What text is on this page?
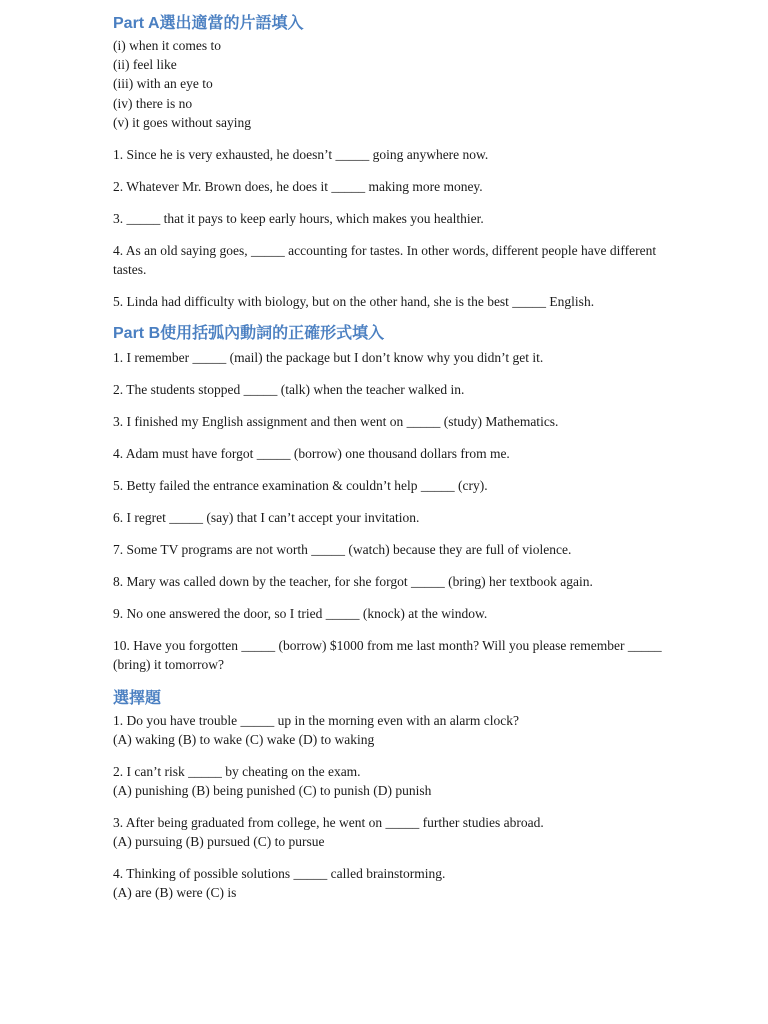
Part A選出適當的片語填入

(i) when it comes to

(ii) feel like

(iii) with an eye to

(iv) there is no

(v) it goes without saying

1. Since he is very exhausted, he doesn’t _____ going anywhere now.

2. Whatever Mr. Brown does, he does it _____ making more money.

3. _____ that it pays to keep early hours, which makes you healthier.

4. As an old saying goes, _____ accounting for tastes. In other words, different people have different tastes.

5. Linda had difficulty with biology, but on the other hand, she is the best _____ English.

Part B使用括弧內動詞的正確形式填入

1. I remember _____ (mail) the package but I don’t know why you didn’t get it.

2. The students stopped _____ (talk) when the teacher walked in.

3. I finished my English assignment and then went on _____ (study) Mathematics.

4. Adam must have forgot _____ (borrow) one thousand dollars from me.

5. Betty failed the entrance examination & couldn’t help _____ (cry).

6. I regret _____ (say) that I can’t accept your invitation.

7. Some TV programs are not worth _____ (watch) because they are full of violence.

8. Mary was called down by the teacher, for she forgot _____ (bring) her textbook again.

9. No one answered the door, so I tried _____ (knock) at the window.

10. Have you forgotten _____ (borrow) $1000 from me last month? Will you please remember _____ (bring) it tomorrow?

選擇題

1. Do you have trouble _____ up in the morning even with an alarm clock?

(A) waking (B) to wake (C) wake (D) to waking

2. I can’t risk _____ by cheating on the exam.

(A) punishing (B) being punished (C) to punish (D) punish

3. After being graduated from college, he went on _____ further studies abroad.

(A) pursuing (B) pursued (C) to pursue

4. Thinking of possible solutions _____ called brainstorming.

(A) are (B) were (C) is
